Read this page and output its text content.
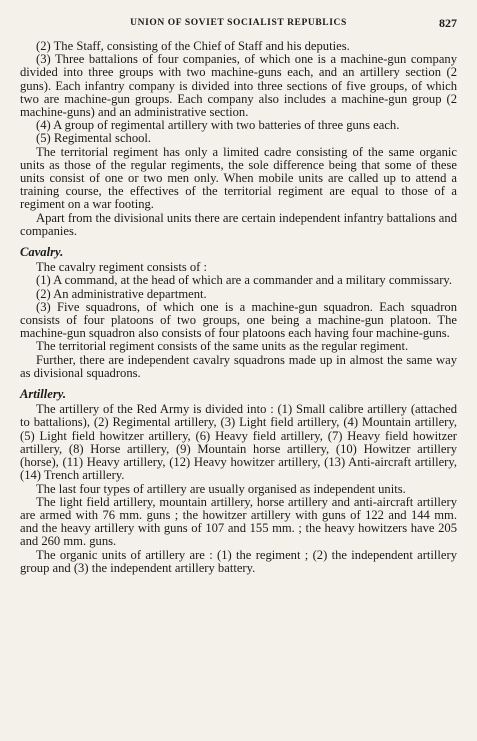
UNION OF SOVIET SOCIALIST REPUBLICS	827

(2) The Staff, consisting of the Chief of Staff and his deputies.

(3) Three battalions of four companies, of which one is a machine-gun company divided into three groups with two machine-guns each, and an artillery section (2 guns). Each infantry company is divided into three sections of five groups, of which two are machine-gun groups. Each company also includes a machine-gun group (2 machine-guns) and an administrative section.

(4) A group of regimental artillery with two batteries of three guns each.

(5) Regimental school.

The territorial regiment has only a limited cadre consisting of the same organic units as those of the regular regiments, the sole difference being that some of these units consist of one or two men only. When mobile units are called up to attend a training course, the effectives of the territorial regiment are equal to those of a regiment on a war footing.

Apart from the divisional units there are certain independent infantry battalions and companies.

Cavalry.

The cavalry regiment consists of :

(1) A command, at the head of which are a commander and a military commissary.

(2) An administrative department.

(3) Five squadrons, of which one is a machine-gun squadron. Each squadron consists of four platoons of two groups, one being a machine-gun platoon. The machine-gun squadron also consists of four platoons each having four machine-guns.

The territorial regiment consists of the same units as the regular regiment.

Further, there are independent cavalry squadrons made up in almost the same way as divisional squadrons.

Artillery.

The artillery of the Red Army is divided into : (1) Small calibre artillery (attached to battalions), (2) Regimental artillery, (3) Light field artillery, (4) Mountain artillery, (5) Light field howitzer artillery, (6) Heavy field artillery, (7) Heavy field howitzer artillery, (8) Horse artillery, (9) Mountain horse artillery, (10) Howitzer artillery (horse), (11) Heavy artillery, (12) Heavy howitzer artillery, (13) Anti-aircraft artillery, (14) Trench artillery.

The last four types of artillery are usually organised as independent units.

The light field artillery, mountain artillery, horse artillery and anti-aircraft artillery are armed with 76 mm. guns ; the howitzer artillery with guns of 122 and 144 mm. and the heavy artillery with guns of 107 and 155 mm. ; the heavy howitzers have 205 and 260 mm. guns.

The organic units of artillery are : (1) the regiment ; (2) the independent artillery group and (3) the independent artillery battery.
